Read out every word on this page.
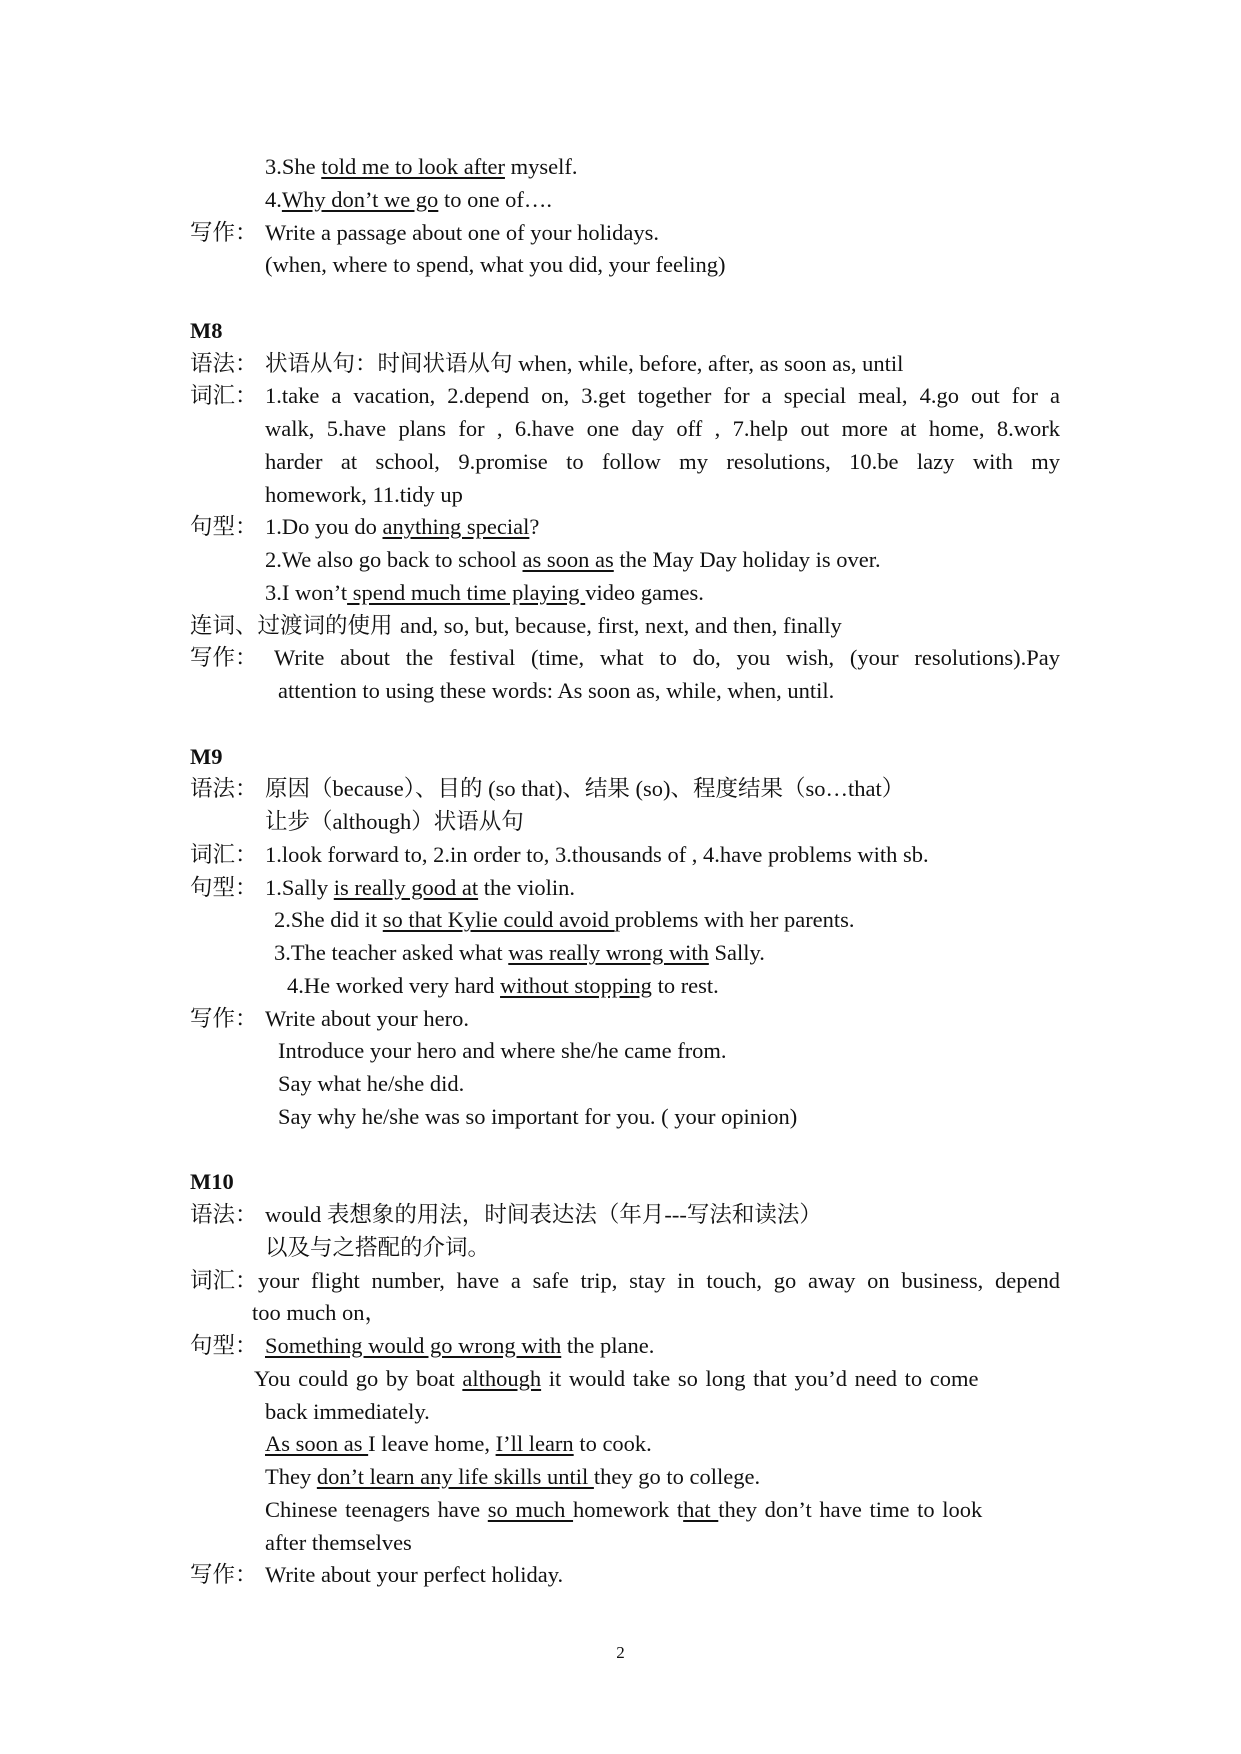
3.She told me to look after myself.
4.Why don’t we go to one of….
写作： Write a passage about one of your holidays.
(when, where to spend, what you did, your feeling)
M8
语法： 状语从句：时间状语从句 when, while, before, after, as soon as, until
词汇： 1.take a vacation, 2.depend on, 3.get together for a special meal, 4.go out for a
walk, 5.have plans for , 6.have one day off , 7.help out more at home, 8.work
harder at school, 9.promise to follow my resolutions, 10.be lazy with my
homework, 11.tidy up
句型： 1.Do you do anything special?
2.We also go back to school as soon as the May Day holiday is over.
3.I won’t spend much time playing video games.
连词、过渡词的使用 and, so, but, because, first, next, and then, finally
写作： Write about the festival (time, what to do, you wish, (your resolutions).Pay
attention to using these words: As soon as, while, when, until.
M9
语法： 原因（because）、目的 (so that)、结果 (so)、程度结果（so…that）
让步（although）状语从句
词汇： 1.look forward to, 2.in order to, 3.thousands of , 4.have problems with sb.
句型： 1.Sally is really good at the violin.
2.She did it so that Kylie could avoid problems with her parents.
3.The teacher asked what was really wrong with Sally.
4.He worked very hard without stopping to rest.
写作： Write about your hero.
Introduce your hero and where she/he came from.
Say what he/she did.
Say why he/she was so important for you. ( your opinion)
M10
语法： would 表想象的用法，时间表达法（年月---写法和读法）
以及与之搭配的介词。
词汇： your flight number, have a safe trip, stay in touch, go away on business, depend
too much on，
句型： Something would go wrong with the plane.
You could go by boat although it would take so long that you’d need to come
back immediately.
As soon as I leave home, I’ll learn to cook.
They don’t learn any life skills until they go to college.
Chinese teenagers have so much homework that they don’t have time to look
after themselves
写作： Write about your perfect holiday.
2
